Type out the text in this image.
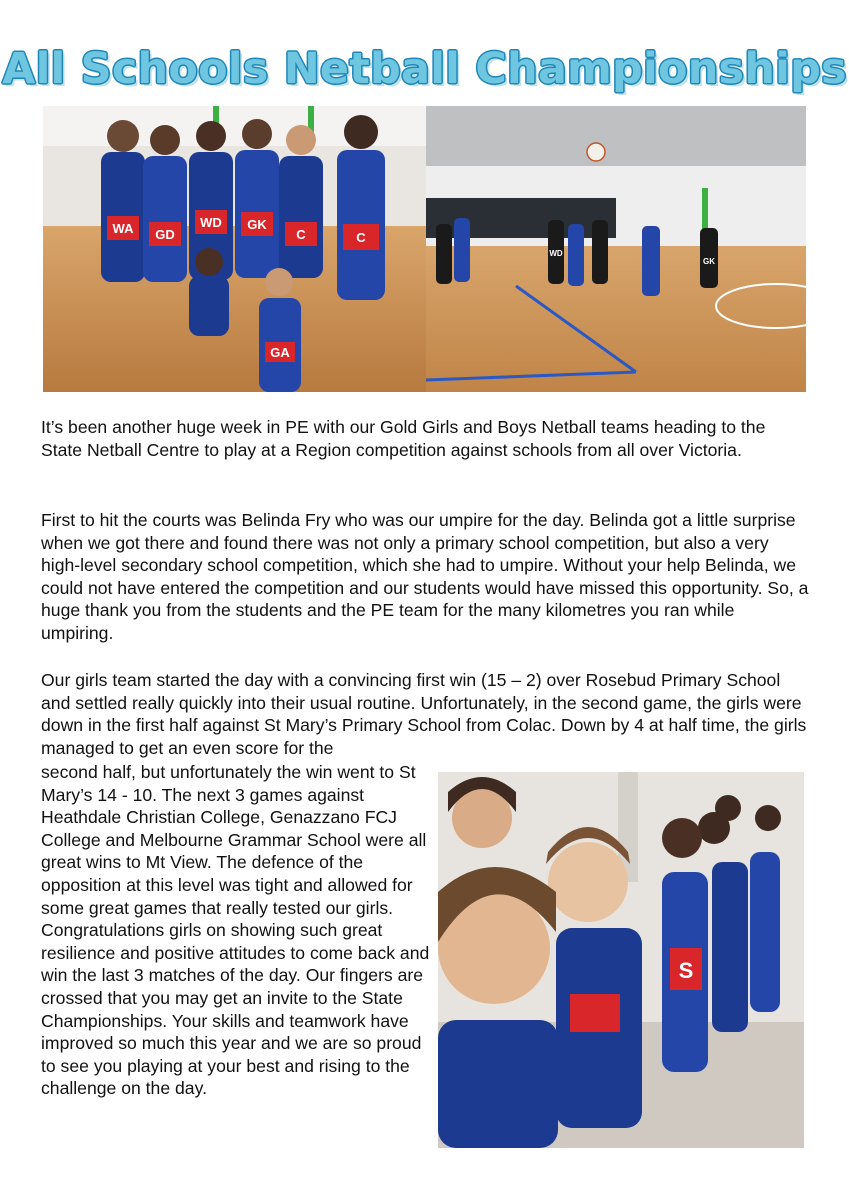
All Schools Netball Championships
WA GD
WD GK
C	C
GA
WD
GK

It’s been another huge week in PE with our Gold Girls and Boys Netball teams heading to the State Netball Centre to play at a Region competition against schools from all over Victoria.

First to hit the courts was Belinda Fry who was our umpire for the day. Belinda got a little surprise when we got there and found there was not only a primary school competition, but also a very high-level secondary school competition, which she had to umpire. Without your help Belinda, we could not have entered the competition and our students would have missed this opportunity. So, a huge thank you from the students and the PE team for the many kilometres you ran while umpiring.

Our girls team started the day with a convincing first win (15 – 2) over Rosebud Primary School and settled really quickly into their usual routine. Unfortunately, in the second game, the girls were down in the first half against St Mary’s Primary School from Colac. Down by 4 at half time, the girls managed to get an even score for the

second half, but unfortunately the win went to St Mary’s 14 - 10. The next 3 games against Heathdale Christian College, Genazzano FCJ College and Melbourne Grammar School were all great wins to Mt View. The defence of the opposition at this level was tight and allowed for some great games that really tested our girls. Congratulations girls on showing such great resilience and positive attitudes to come back and win the last 3 matches of the day. Our fingers are crossed that you may get an invite to the State Championships. Your skills and teamwork have improved so much this year and we are so proud to see you playing at your best and rising to the challenge on the day.

S
